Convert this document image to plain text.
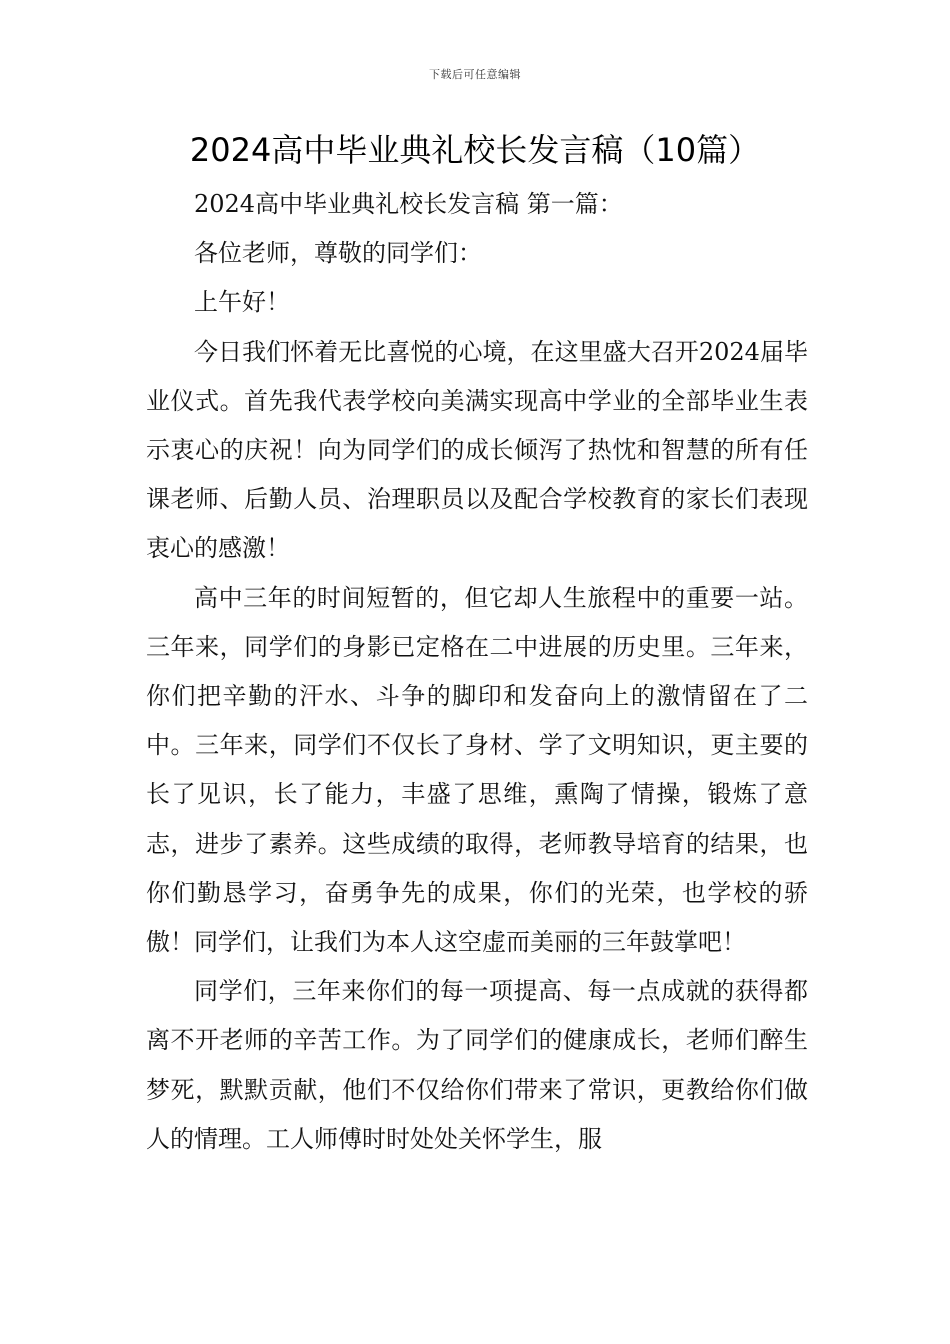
下载后可任意编辑
2024高中毕业典礼校长发言稿（10篇）

2024高中毕业典礼校长发言稿 第一篇：

各位老师，尊敬的同学们：

上午好！

今日我们怀着无比喜悦的心境，在这里盛大召开2024届毕业仪式。首先我代表学校向美满实现高中学业的全部毕业生表示衷心的庆祝！向为同学们的成长倾泻了热忱和智慧的所有任课老师、后勤人员、治理职员以及配合学校教育的家长们表现衷心的感激！

高中三年的时间短暂的，但它却人生旅程中的重要一站。三年来，同学们的身影已定格在二中进展的历史里。三年来，你们把辛勤的汗水、斗争的脚印和发奋向上的激情留在了二中。三年来，同学们不仅长了身材、学了文明知识，更主要的长了见识，长了能力，丰盛了思维，熏陶了情操，锻炼了意志，进步了素养。这些成绩的取得，老师教导培育的结果，也你们勤恳学习，奋勇争先的成果，你们的光荣，也学校的骄傲！同学们，让我们为本人这空虚而美丽的三年鼓掌吧！

同学们，三年来你们的每一项提高、每一点成就的获得都离不开老师的辛苦工作。为了同学们的健康成长，老师们醉生梦死，默默贡献，他们不仅给你们带来了常识，更教给你们做人的情理。工人师傅时时处处关怀学生，服
